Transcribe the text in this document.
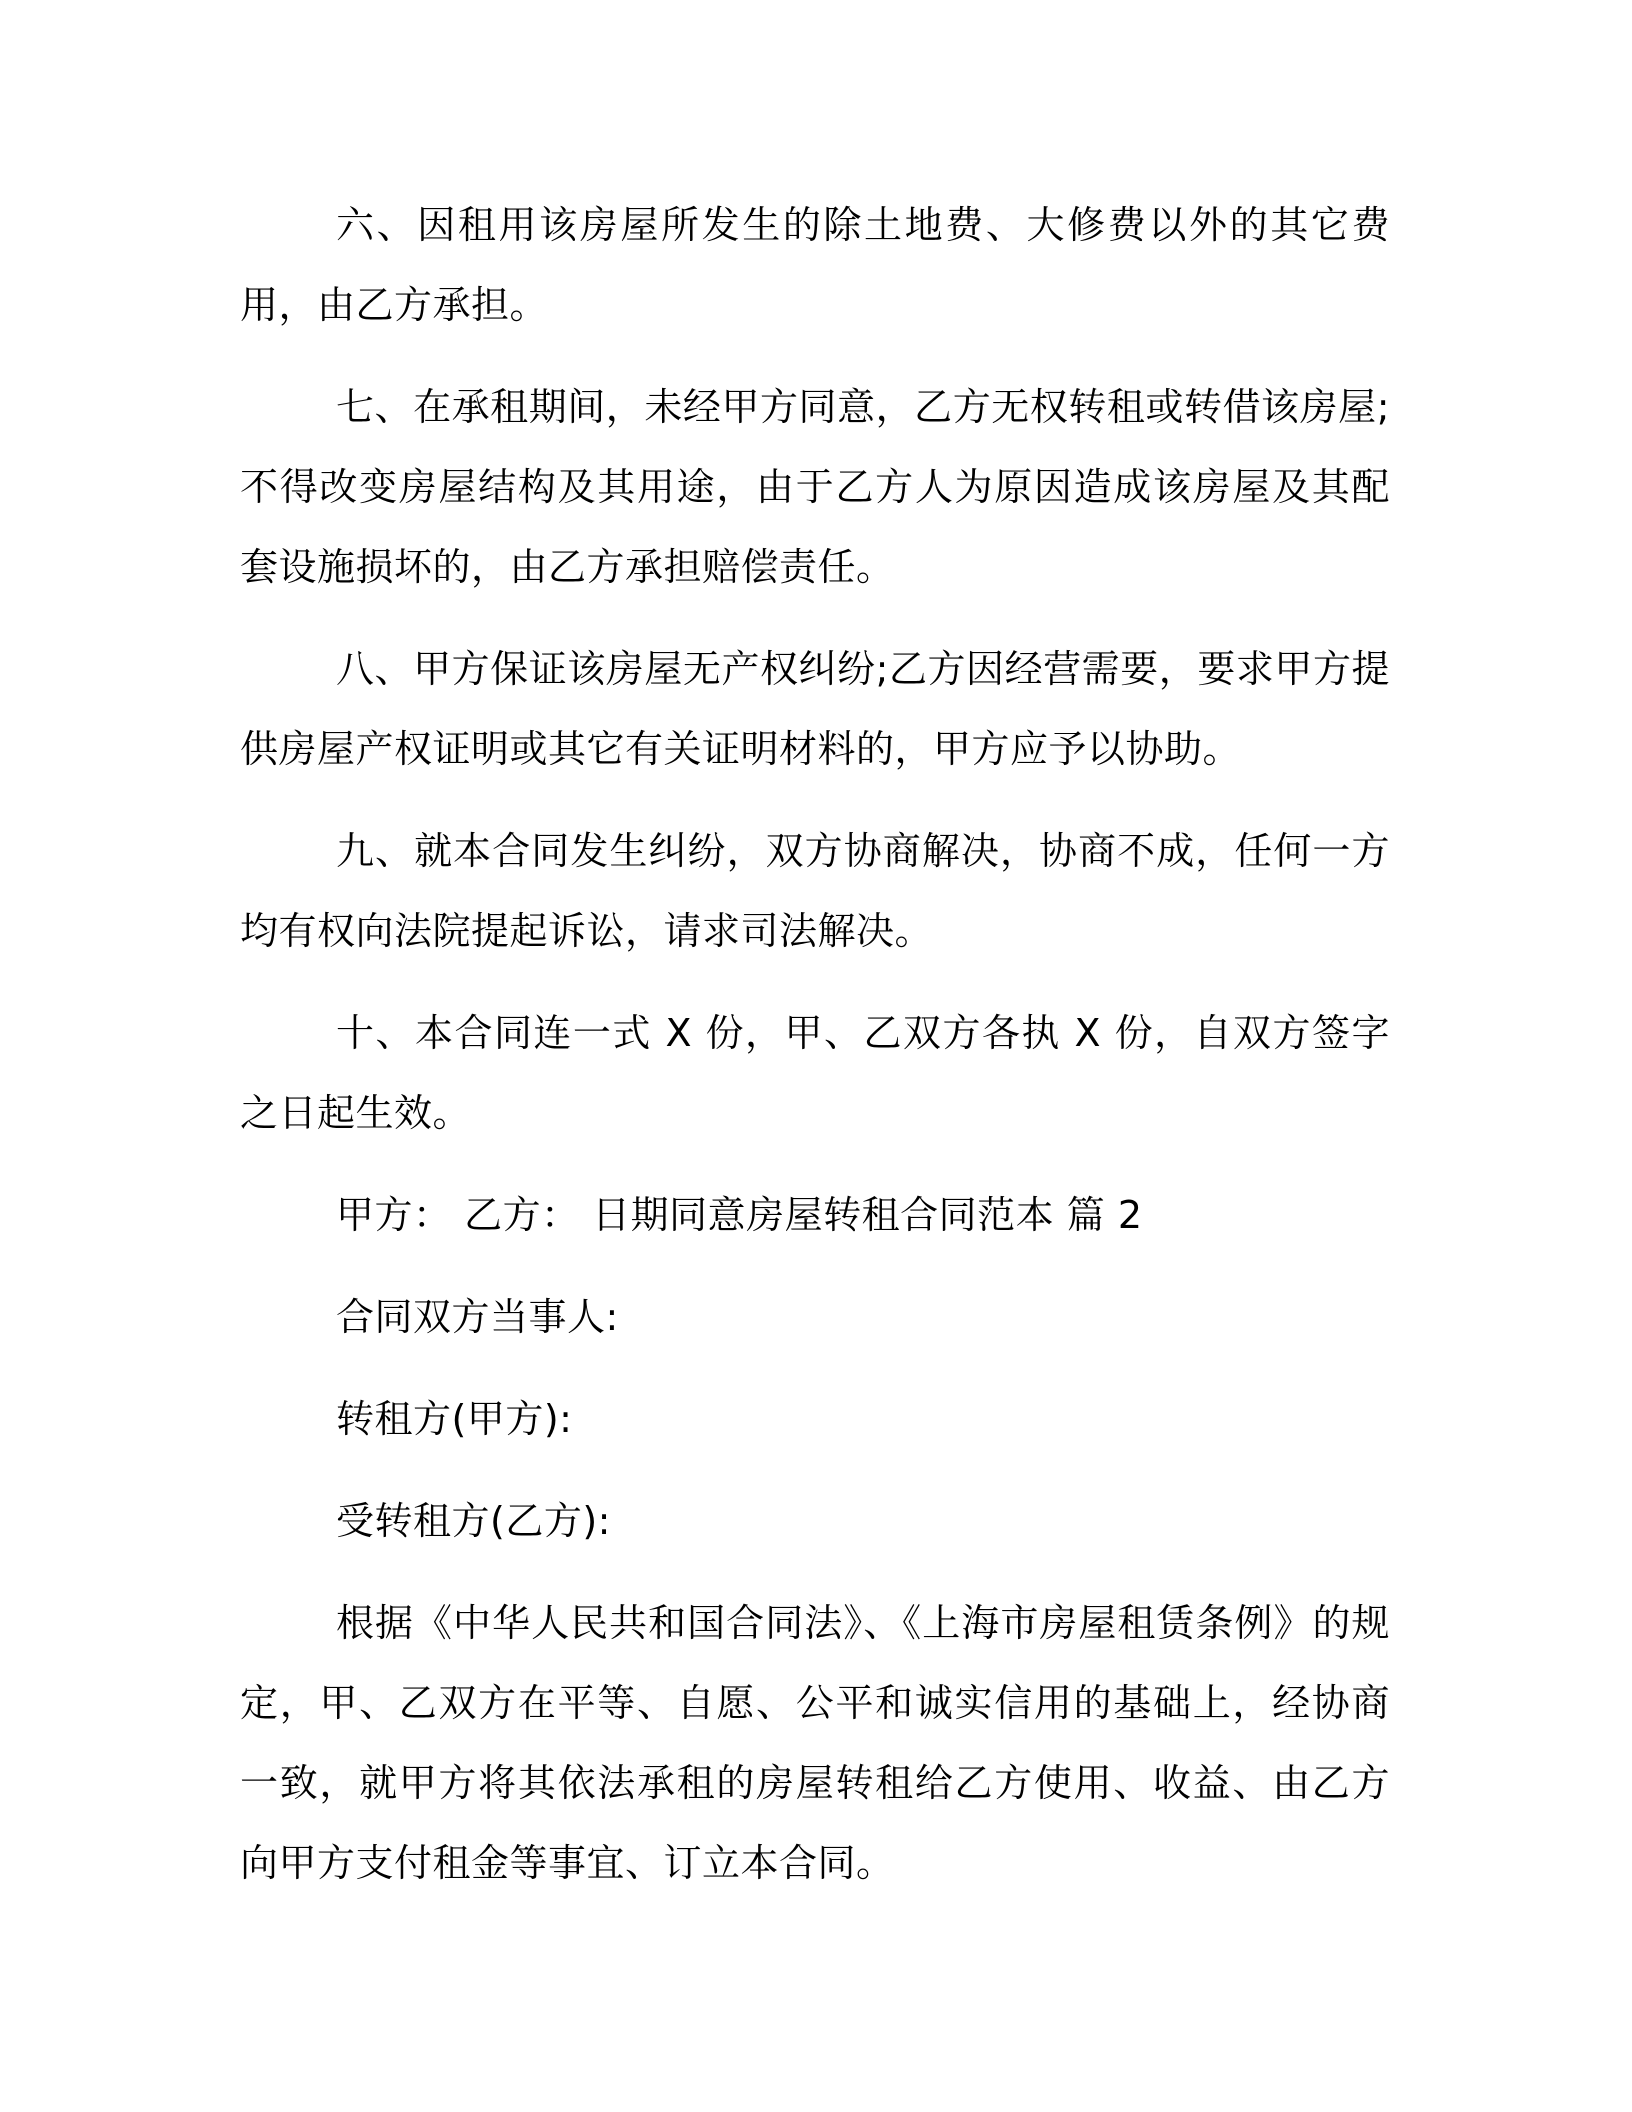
六、因租用该房屋所发生的除土地费、大修费以外的其它费用，由乙方承担。

七、在承租期间，未经甲方同意，乙方无权转租或转借该房屋;不得改变房屋结构及其用途，由于乙方人为原因造成该房屋及其配套设施损坏的，由乙方承担赔偿责任。

八、甲方保证该房屋无产权纠纷;乙方因经营需要，要求甲方提供房屋产权证明或其它有关证明材料的，甲方应予以协助。

九、就本合同发生纠纷，双方协商解决，协商不成，任何一方均有权向法院提起诉讼，请求司法解决。

十、本合同连一式 X 份，甲、乙双方各执 X 份，自双方签字之日起生效。

甲方： 乙方： 日期同意房屋转租合同范本 篇 2

合同双方当事人:

转租方(甲方):

受转租方(乙方):

根据《中华人民共和国合同法》、《上海市房屋租赁条例》的规定，甲、乙双方在平等、自愿、公平和诚实信用的基础上，经协商一致，就甲方将其依法承租的房屋转租给乙方使用、收益、由乙方向甲方支付租金等事宜、订立本合同。
